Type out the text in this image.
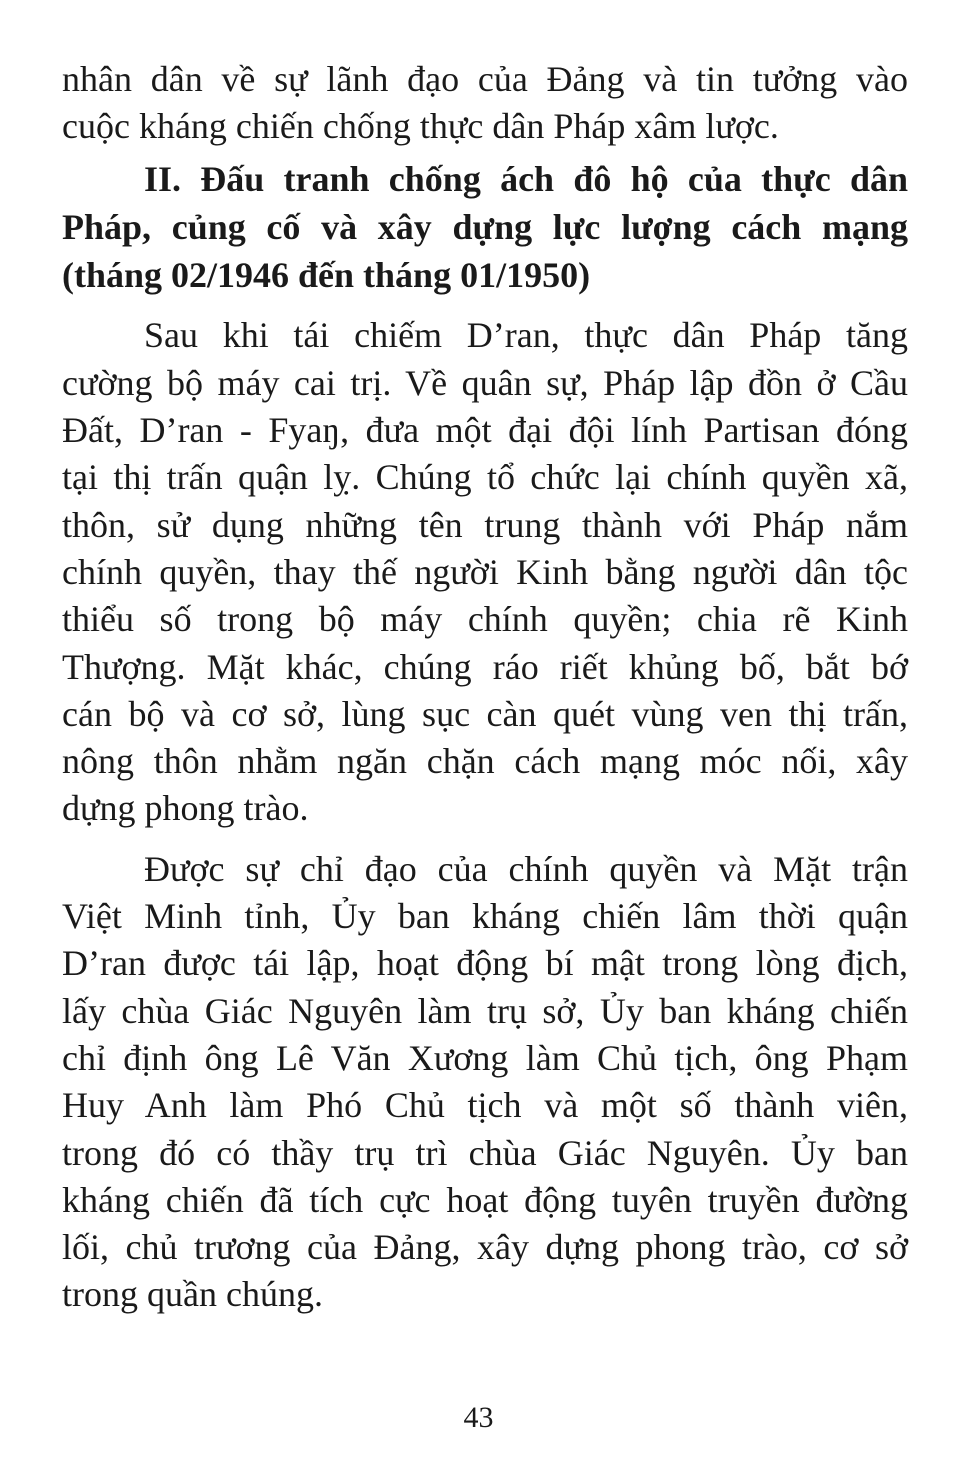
nhân dân về sự lãnh đạo của Đảng và tin tưởng vào
cuộc kháng chiến chống thực dân Pháp xâm lược.
II. Đấu tranh chống ách đô hộ của thực dân
Pháp, củng cố và xây dựng lực lượng cách mạng
(tháng 02/1946 đến tháng 01/1950)
Sau khi tái chiếm D’ran, thực dân Pháp tăng
cường bộ máy cai trị. Về quân sự, Pháp lập đồn ở Cầu
Đất, D’ran - Fyaŋ, đưa một đại đội lính Partisan đóng
tại thị trấn quận lỵ. Chúng tổ chức lại chính quyền xã,
thôn, sử dụng những tên trung thành với Pháp nắm
chính quyền, thay thế người Kinh bằng người dân tộc
thiểu số trong bộ máy chính quyền; chia rẽ Kinh
Thượng. Mặt khác, chúng ráo riết khủng bố, bắt bớ
cán bộ và cơ sở, lùng sục càn quét vùng ven thị trấn,
nông thôn nhằm ngăn chặn cách mạng móc nối, xây
dựng phong trào.
Được sự chỉ đạo của chính quyền và Mặt trận
Việt Minh tỉnh, Ủy ban kháng chiến lâm thời quận
D’ran được tái lập, hoạt động bí mật trong lòng địch,
lấy chùa Giác Nguyên làm trụ sở, Ủy ban kháng chiến
chỉ định ông Lê Văn Xương làm Chủ tịch, ông Phạm
Huy Anh làm Phó Chủ tịch và một số thành viên,
trong đó có thầy trụ trì chùa Giác Nguyên. Ủy ban
kháng chiến đã tích cực hoạt động tuyên truyền đường
lối, chủ trương của Đảng, xây dựng phong trào, cơ sở
trong quần chúng.
43
